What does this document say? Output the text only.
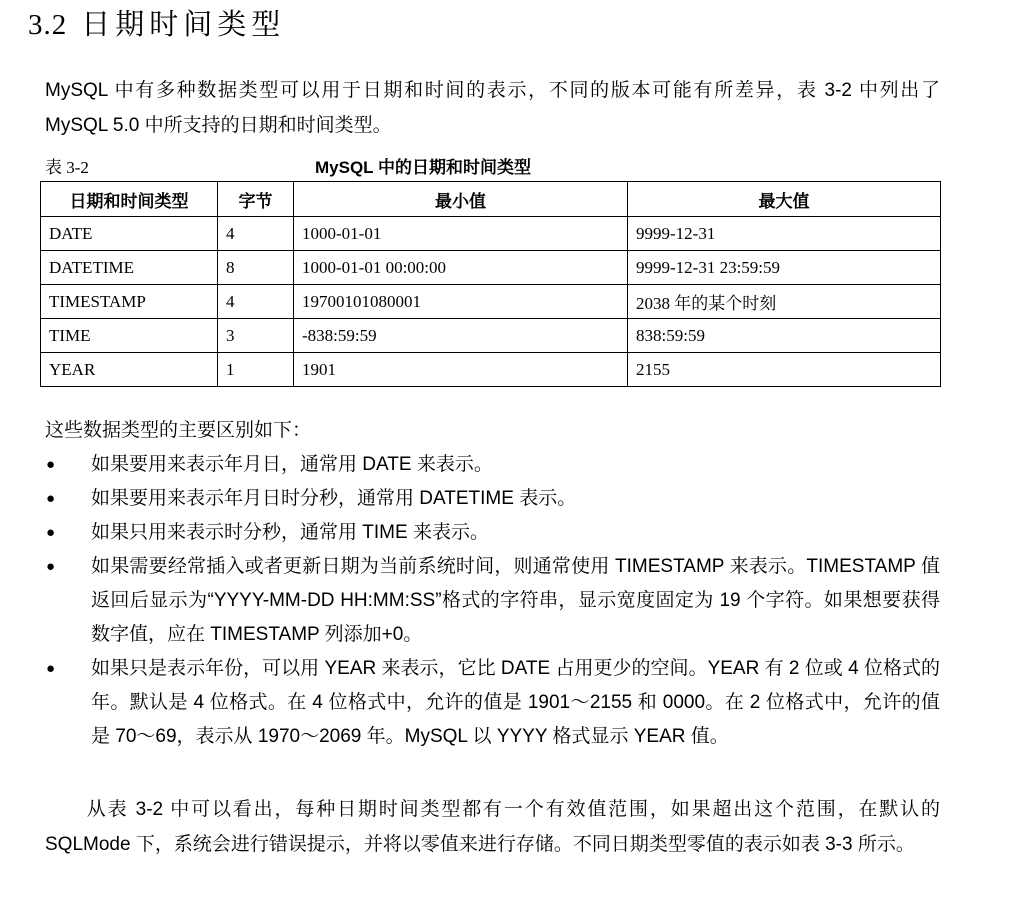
3.2 日期时间类型

MySQL 中有多种数据类型可以用于日期和时间的表示，不同的版本可能有所差异，表 3-2 中列出了 MySQL 5.0 中所支持的日期和时间类型。

表 3-2	MySQL 中的日期和时间类型
日期和时间类型	字节	最小值	最大值
DATE	4	1000-01-01	9999-12-31
DATETIME	8	1000-01-01 00:00:00	9999-12-31 23:59:59
TIMESTAMP	4	19700101080001	2038 年的某个时刻
TIME	3	-838:59:59	838:59:59
YEAR	1	1901	2155

这些数据类型的主要区别如下：

●	如果要用来表示年月日，通常用 DATE 来表示。
●	如果要用来表示年月日时分秒，通常用 DATETIME 表示。
●	如果只用来表示时分秒，通常用 TIME 来表示。
●	如果需要经常插入或者更新日期为当前系统时间，则通常使用 TIMESTAMP 来表示。TIMESTAMP 值返回后显示为“YYYY-MM-DD HH:MM:SS”格式的字符串，显示宽度固定为 19 个字符。如果想要获得数字值，应在 TIMESTAMP 列添加+0。
●	如果只是表示年份，可以用 YEAR 来表示，它比 DATE 占用更少的空间。YEAR 有 2 位或 4 位格式的年。默认是 4 位格式。在 4 位格式中，允许的值是 1901～2155 和 0000。在 2 位格式中，允许的值是 70～69，表示从 1970～2069 年。MySQL 以 YYYY 格式显示 YEAR 值。

从表 3-2 中可以看出，每种日期时间类型都有一个有效值范围，如果超出这个范围，在默认的 SQLMode 下，系统会进行错误提示，并将以零值来进行存储。不同日期类型零值的表示如表 3-3 所示。
